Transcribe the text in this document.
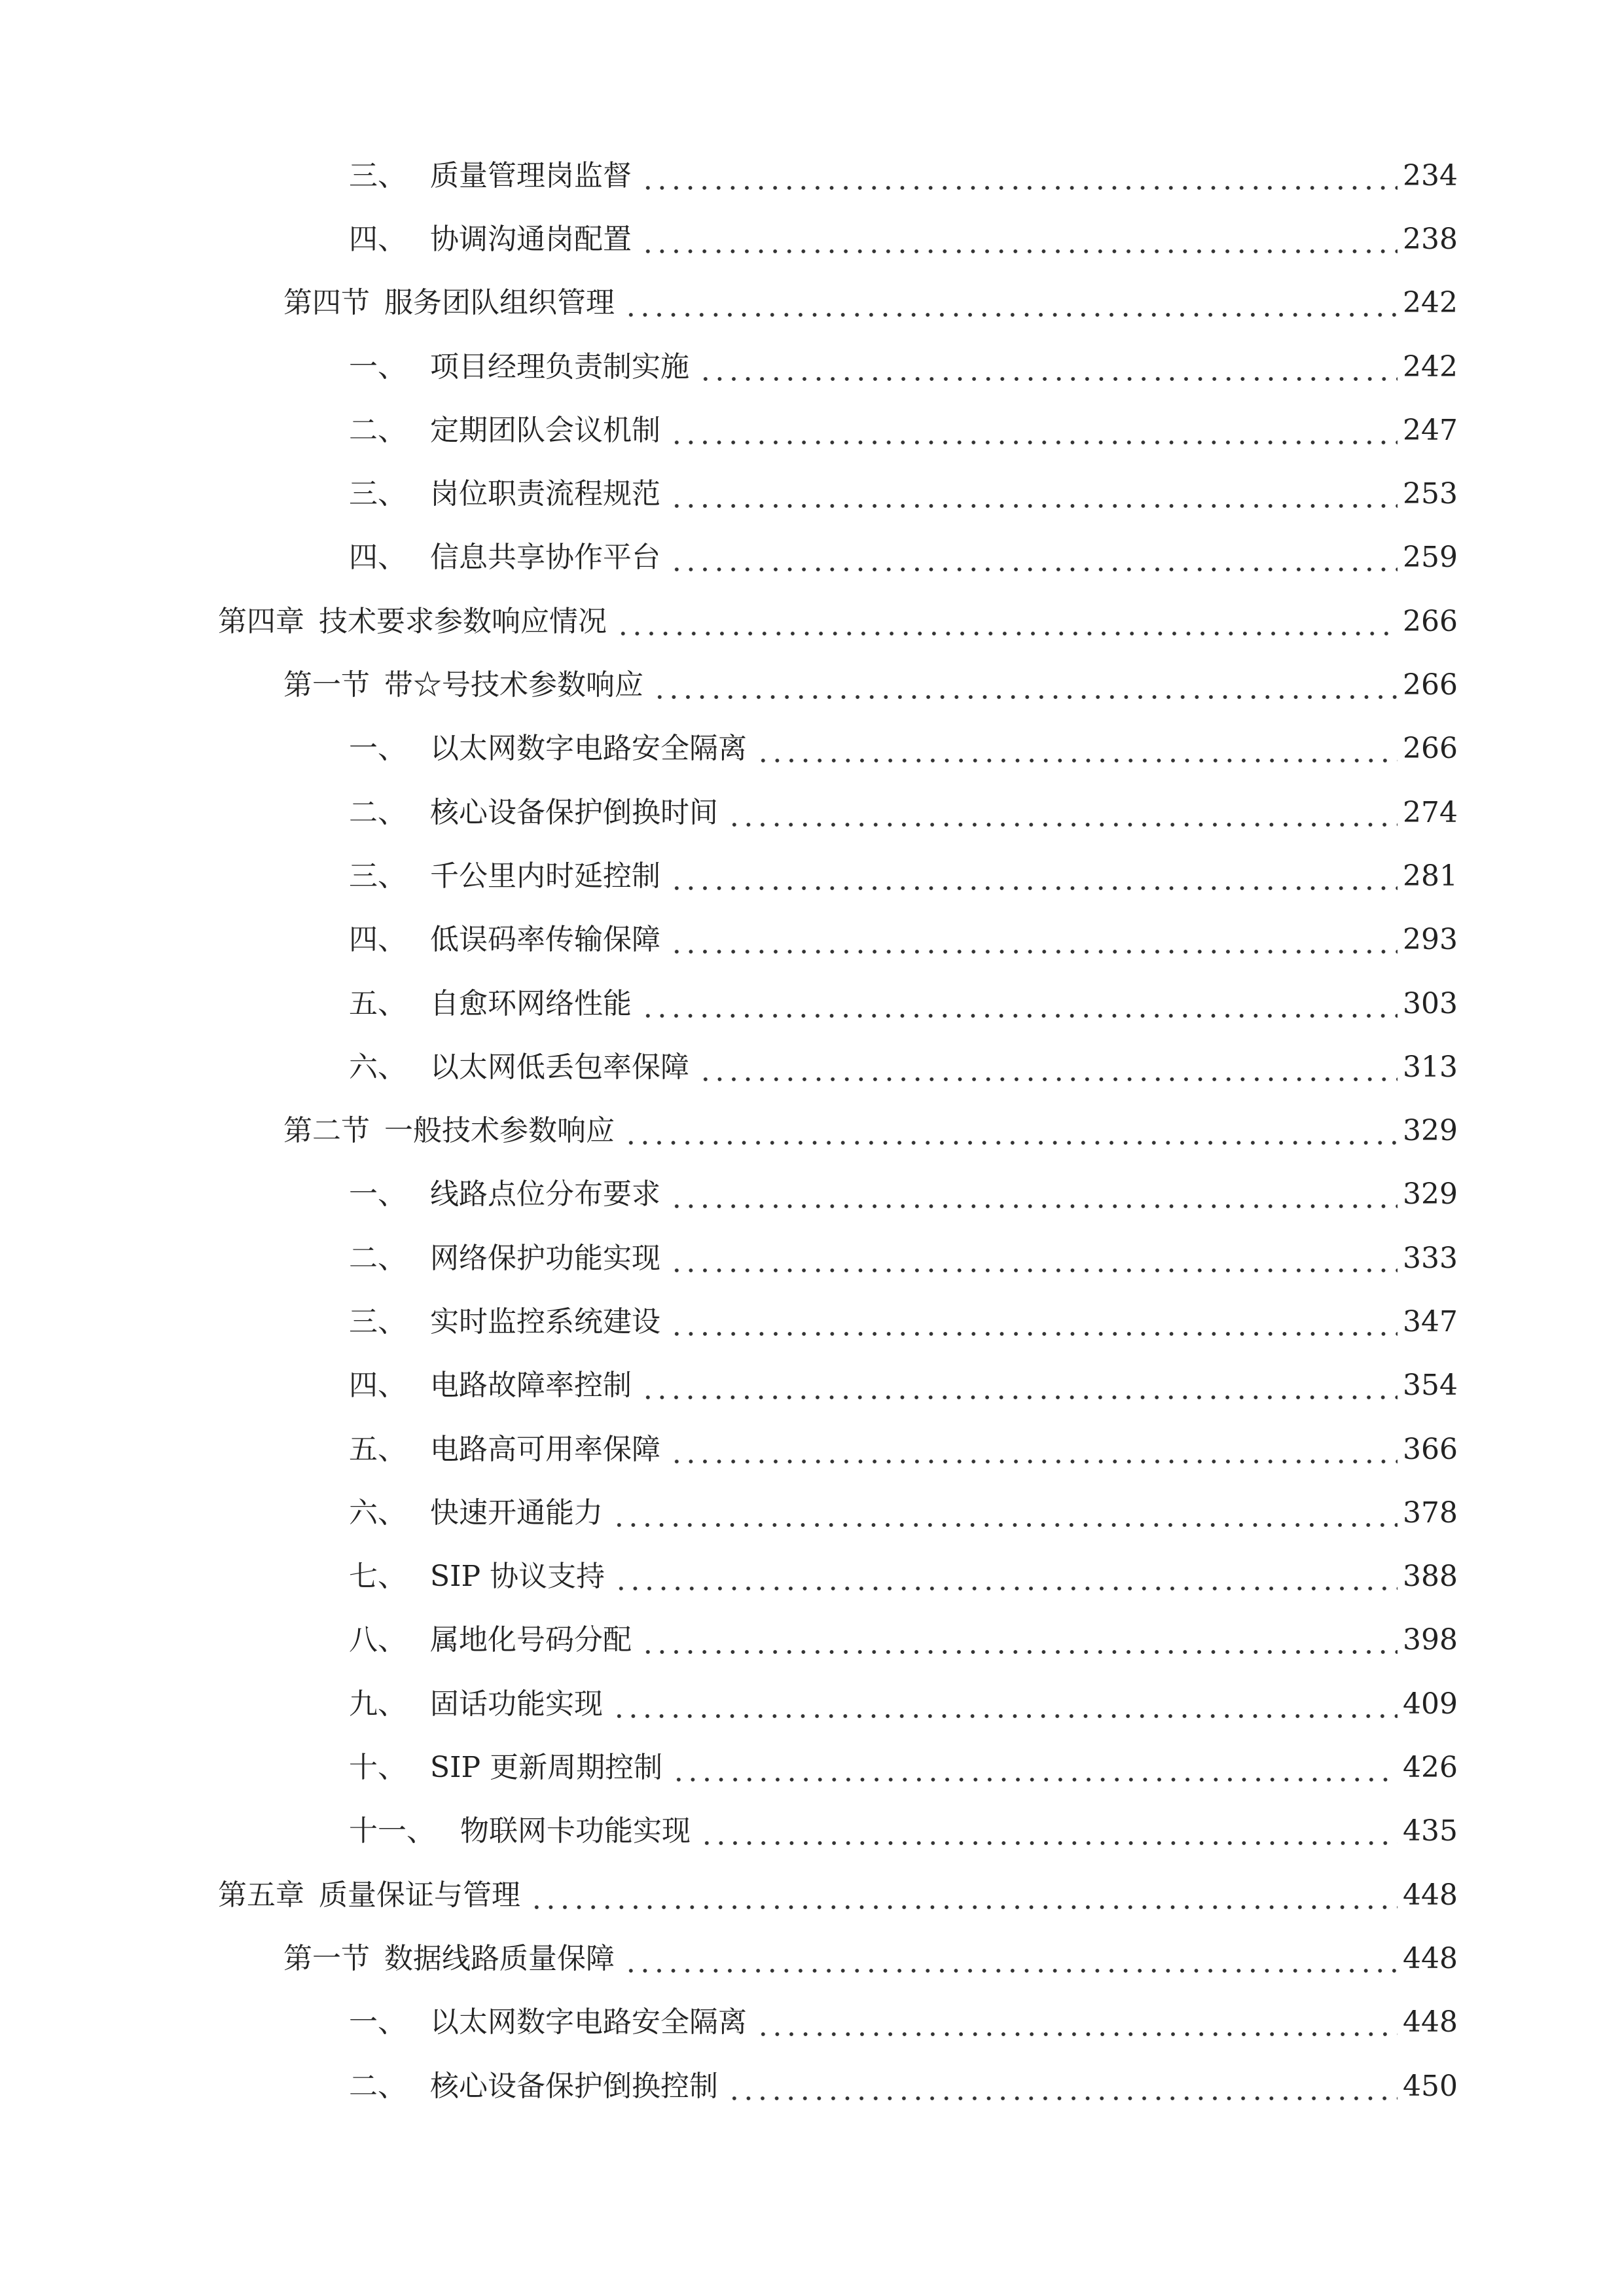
三、 质量管理岗监督	234
四、 协调沟通岗配置	238
第四节 服务团队组织管理	242
一、 项目经理负责制实施	242
二、 定期团队会议机制	247
三、 岗位职责流程规范	253
四、 信息共享协作平台	259
第四章 技术要求参数响应情况	266
第一节 带☆号技术参数响应	266
一、 以太网数字电路安全隔离	266
二、 核心设备保护倒换时间	274
三、 千公里内时延控制	281
四、 低误码率传输保障	293
五、 自愈环网络性能	303
六、 以太网低丢包率保障	313
第二节 一般技术参数响应	329
一、 线路点位分布要求	329
二、 网络保护功能实现	333
三、 实时监控系统建设	347
四、 电路故障率控制	354
五、 电路高可用率保障	366
六、 快速开通能力	378
七、 SIP 协议支持	388
八、 属地化号码分配	398
九、 固话功能实现	409
十、 SIP 更新周期控制	426
十一、 物联网卡功能实现	435
第五章 质量保证与管理	448
第一节 数据线路质量保障	448
一、 以太网数字电路安全隔离	448
二、 核心设备保护倒换控制	450
